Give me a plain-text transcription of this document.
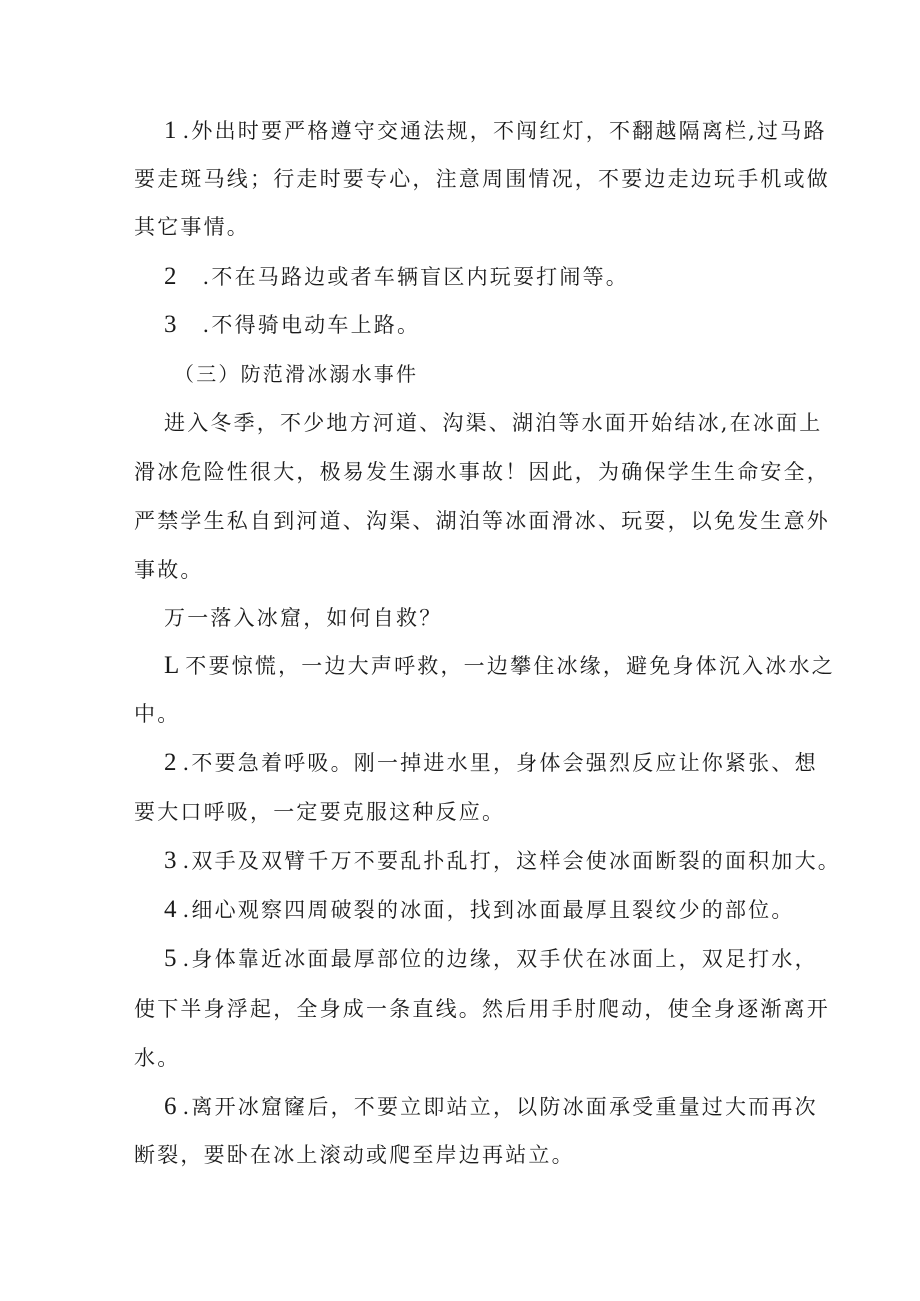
1 .外出时要严格遵守交通法规，不闯红灯，不翻越隔离栏,过马路
要走斑马线；行走时要专心，注意周围情况，不要边走边玩手机或做
其它事情。
2 .不在马路边或者车辆盲区内玩耍打闹等。
3 .不得骑电动车上路。
（三）防范滑冰溺水事件
进入冬季，不少地方河道、沟渠、湖泊等水面开始结冰,在冰面上
滑冰危险性很大，极易发生溺水事故！因此，为确保学生生命安全，
严禁学生私自到河道、沟渠、湖泊等冰面滑冰、玩耍，以免发生意外
事故。
万一落入冰窟，如何自救？
L 不要惊慌，一边大声呼救，一边攀住冰缘，避免身体沉入冰水之
中。
2 .不要急着呼吸。刚一掉进水里，身体会强烈反应让你紧张、想
要大口呼吸，一定要克服这种反应。
3 .双手及双臂千万不要乱扑乱打，这样会使冰面断裂的面积加大。
4 .细心观察四周破裂的冰面，找到冰面最厚且裂纹少的部位。
5 .身体靠近冰面最厚部位的边缘，双手伏在冰面上，双足打水，
使下半身浮起，全身成一条直线。然后用手肘爬动，使全身逐渐离开
水。
6 .离开冰窟窿后，不要立即站立，以防冰面承受重量过大而再次
断裂，要卧在冰上滚动或爬至岸边再站立。
